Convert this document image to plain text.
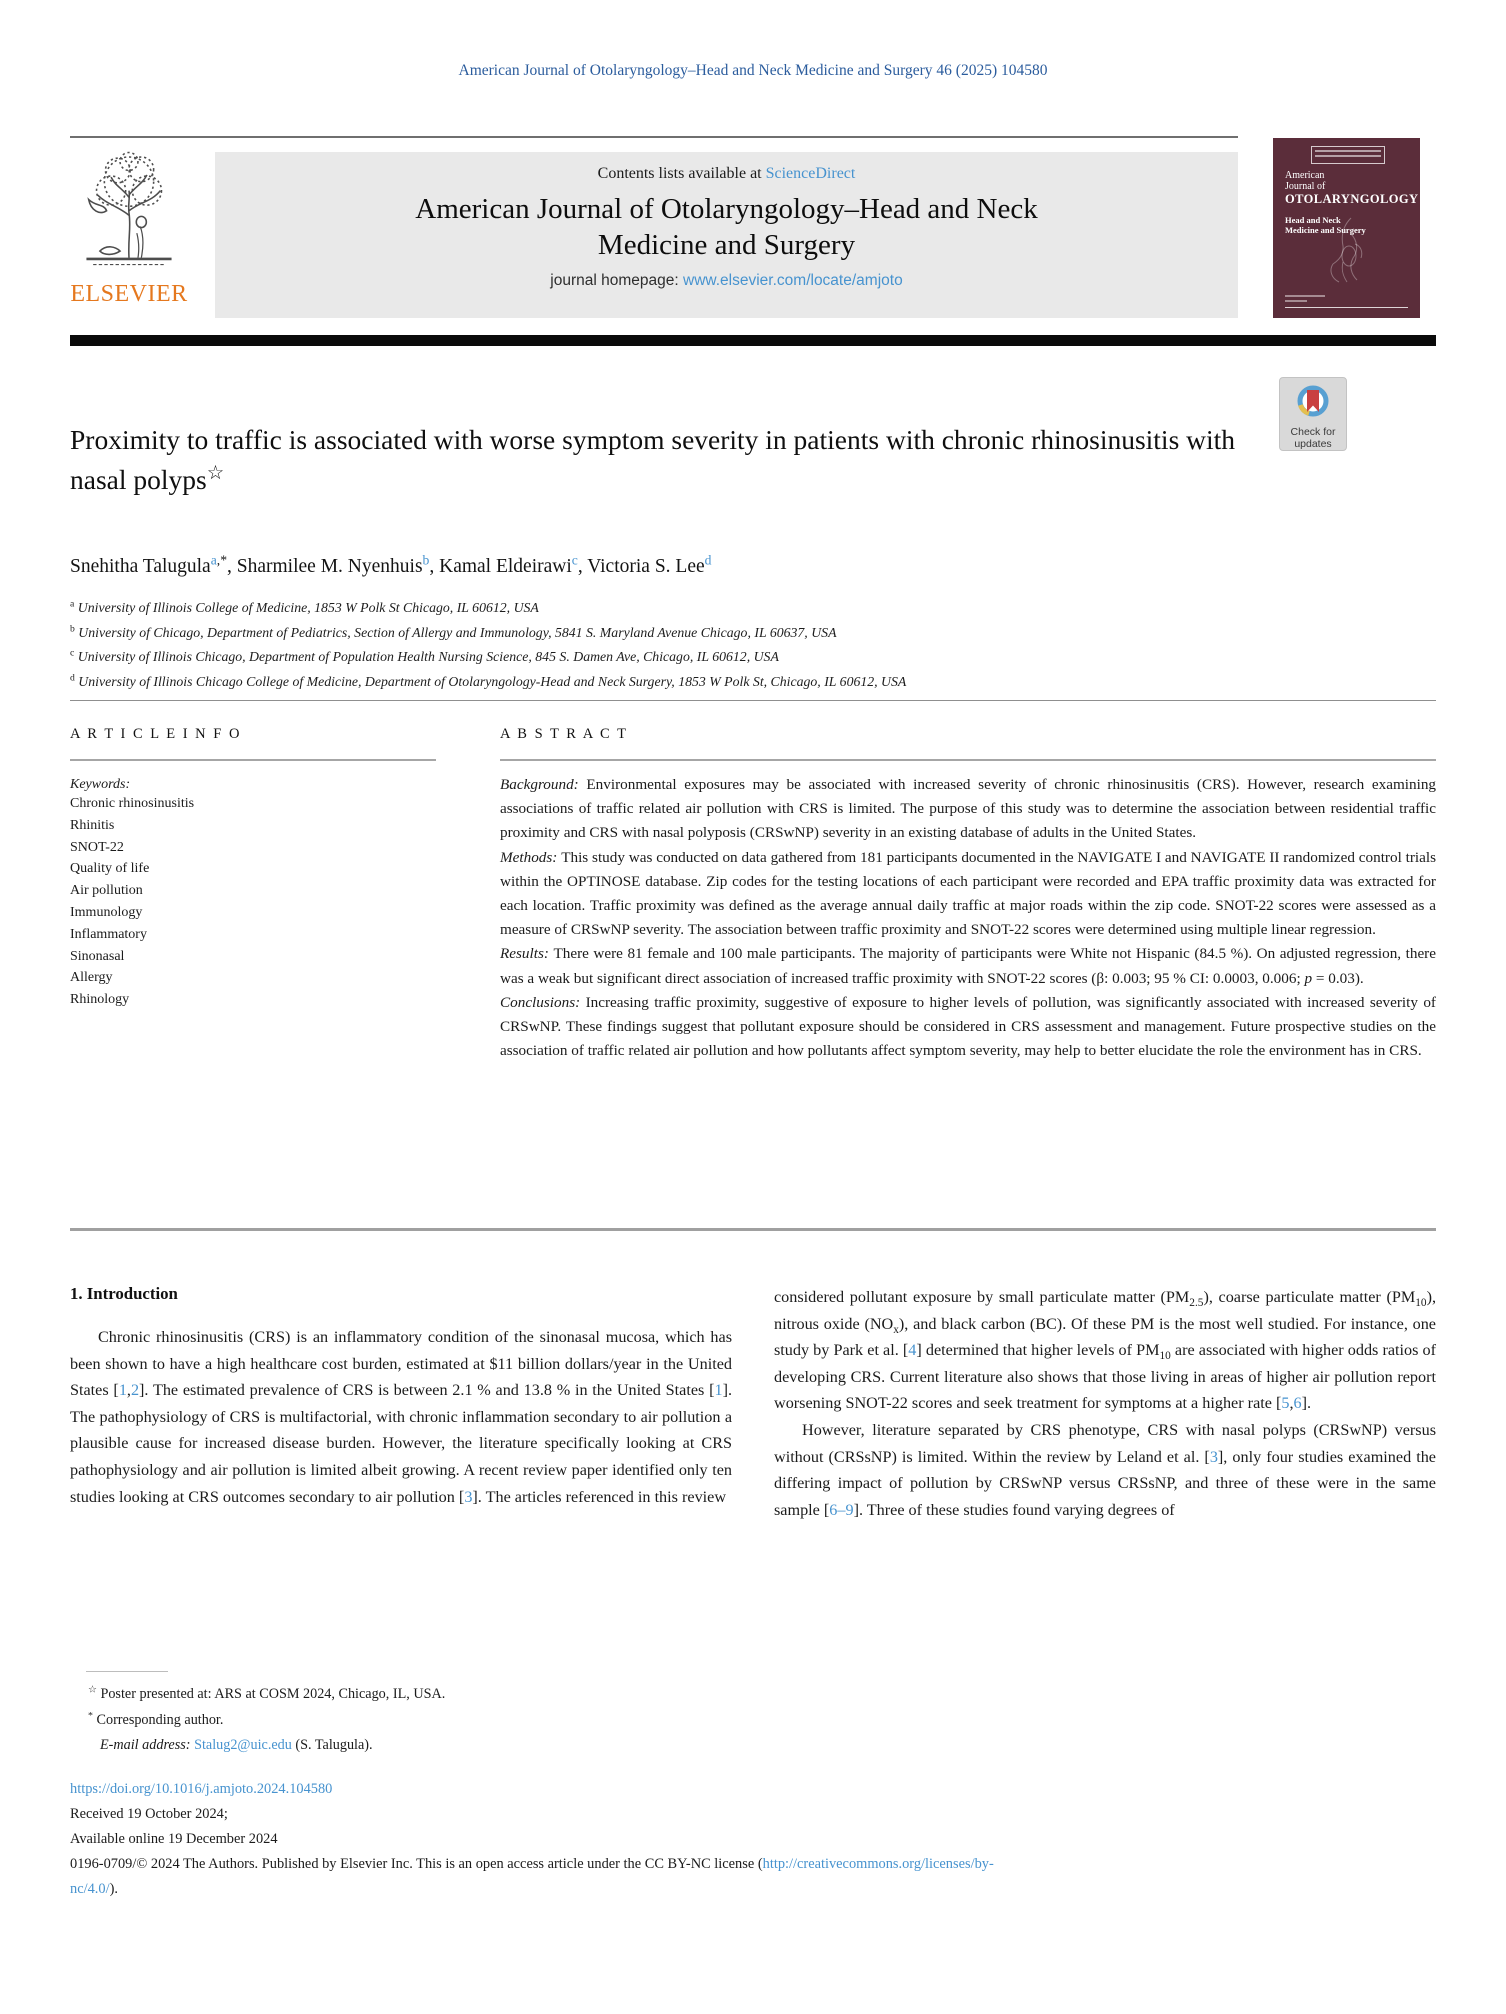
American Journal of Otolaryngology–Head and Neck Medicine and Surgery 46 (2025) 104580
ELSEVIER
Contents lists available at ScienceDirect
American Journal of Otolaryngology–Head and Neck
Medicine and Surgery
journal homepage: www.elsevier.com/locate/amjoto
American
Journal of
OTOLARYNGOLOGY
Head and Neck
Medicine and Surgery
Check for
updates
Proximity to traffic is associated with worse symptom severity in patients with chronic rhinosinusitis with nasal polyps☆
Snehitha Talugula$^{a,*}$, Sharmilee M. Nyenhuis$^b$, Kamal Eldeirawi$^c$, Victoria S. Lee$^d$
$^a$ University of Illinois College of Medicine, 1853 W Polk St Chicago, IL 60612, USA
$^b$ University of Chicago, Department of Pediatrics, Section of Allergy and Immunology, 5841 S. Maryland Avenue Chicago, IL 60637, USA
$^c$ University of Illinois Chicago, Department of Population Health Nursing Science, 845 S. Damen Ave, Chicago, IL 60612, USA
$^d$ University of Illinois Chicago College of Medicine, Department of Otolaryngology-Head and Neck Surgery, 1853 W Polk St, Chicago, IL 60612, USA
A R T I C L E I N F O
Keywords:
Chronic rhinosinusitis
Rhinitis
SNOT-22
Quality of life
Air pollution
Immunology
Inflammatory
Sinonasal
Allergy
Rhinology
A B S T R A C T

Background: Environmental exposures may be associated with increased severity of chronic rhinosinusitis (CRS). However, research examining associations of traffic related air pollution with CRS is limited. The purpose of this study was to determine the association between residential traffic proximity and CRS with nasal polyposis (CRSwNP) severity in an existing database of adults in the United States.

Methods: This study was conducted on data gathered from 181 participants documented in the NAVIGATE I and NAVIGATE II randomized control trials within the OPTINOSE database. Zip codes for the testing locations of each participant were recorded and EPA traffic proximity data was extracted for each location. Traffic proximity was defined as the average annual daily traffic at major roads within the zip code. SNOT-22 scores were assessed as a measure of CRSwNP severity. The association between traffic proximity and SNOT-22 scores were determined using multiple linear regression.

Results: There were 81 female and 100 male participants. The majority of participants were White not Hispanic (84.5 %). On adjusted regression, there was a weak but significant direct association of increased traffic proximity with SNOT-22 scores (β: 0.003; 95 % CI: 0.0003, 0.006; p = 0.03).

Conclusions: Increasing traffic proximity, suggestive of exposure to higher levels of pollution, was significantly associated with increased severity of CRSwNP. These findings suggest that pollutant exposure should be considered in CRS assessment and management. Future prospective studies on the association of traffic related air pollution and how pollutants affect symptom severity, may help to better elucidate the role the environment has in CRS.

1. Introduction

Chronic rhinosinusitis (CRS) is an inflammatory condition of the sinonasal mucosa, which has been shown to have a high healthcare cost burden, estimated at $11 billion dollars/year in the United States [1,2]. The estimated prevalence of CRS is between 2.1 % and 13.8 % in the United States [1]. The pathophysiology of CRS is multifactorial, with chronic inflammation secondary to air pollution a plausible cause for increased disease burden. However, the literature specifically looking at CRS pathophysiology and air pollution is limited albeit growing. A recent review paper identified only ten studies looking at CRS outcomes secondary to air pollution [3]. The articles referenced in this review

considered pollutant exposure by small particulate matter $(PM_{2.5})$, coarse particulate matter $(PM_{10})$, nitrous oxide $(NO_x)$, and black carbon (BC). Of these PM is the most well studied. For instance, one study by Park et al. [4] determined that higher levels of $PM_{10}$ are associated with higher odds ratios of developing CRS. Current literature also shows that those living in areas of higher air pollution report worsening SNOT-22 scores and seek treatment for symptoms at a higher rate [5,6].

However, literature separated by CRS phenotype, CRS with nasal polyps (CRSwNP) versus without (CRSsNP) is limited. Within the review by Leland et al. [3], only four studies examined the differing impact of pollution by CRSwNP versus CRSsNP, and three of these were in the same sample [6–9]. Three of these studies found varying degrees of

☆ Poster presented at: ARS at COSM 2024, Chicago, IL, USA.
* Corresponding author.
E-mail address: Stalug2@uic.edu (S. Talugula).
https://doi.org/10.1016/j.amjoto.2024.104580
Received 19 October 2024;
Available online 19 December 2024
0196-0709/© 2024 The Authors. Published by Elsevier Inc. This is an open access article under the CC BY-NC license (http://creativecommons.org/licenses/by-
nc/4.0/).
